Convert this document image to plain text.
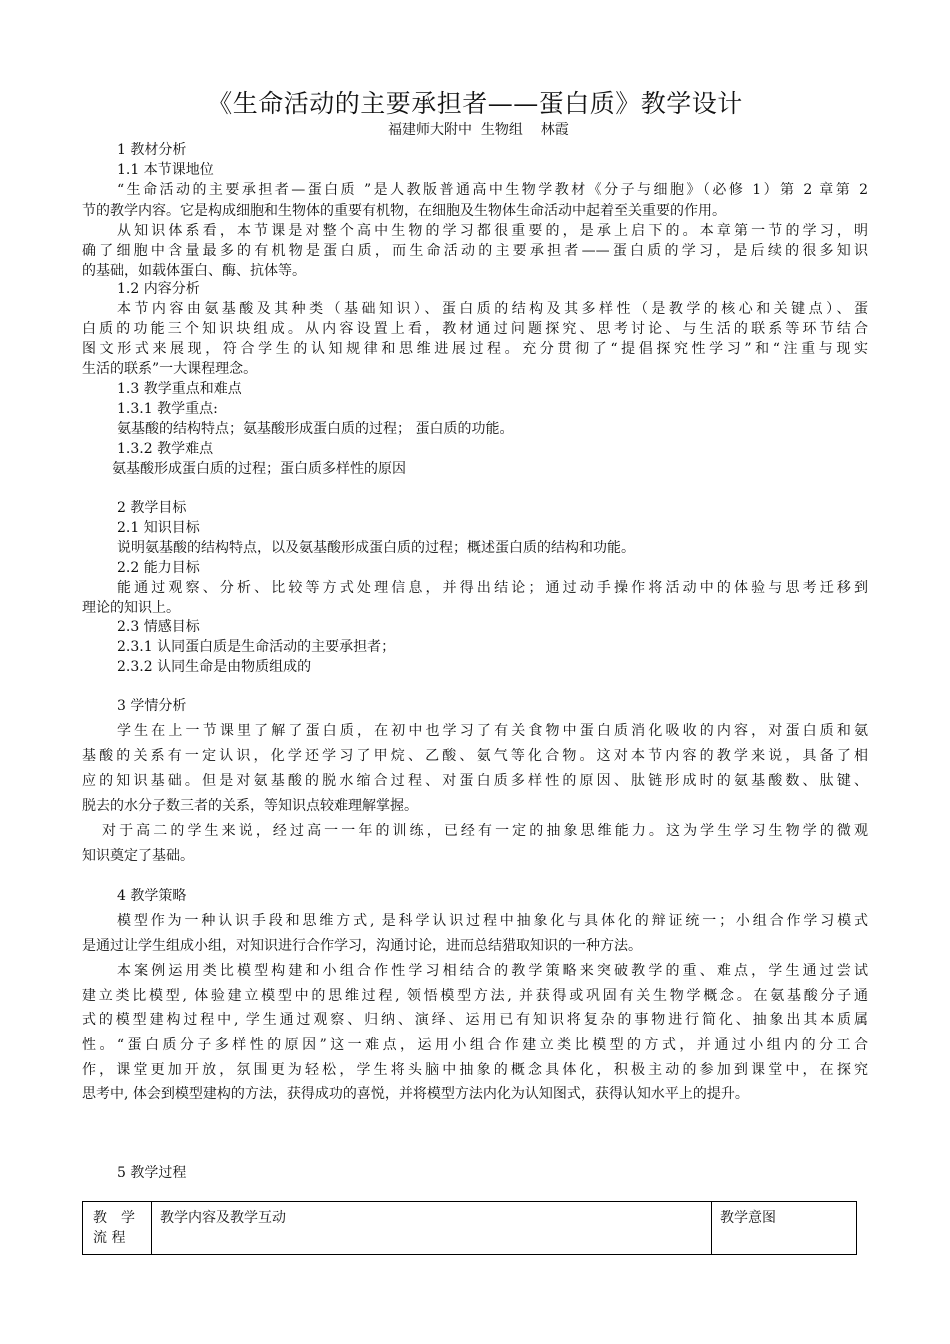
《生命活动的主要承担者——蛋白质》教学设计
福建师大附中  生物组    林霞
1 教材分析
1.1 本节课地位
“生命活动的主要承担者—蛋白质 ”是人教版普通高中生物学教材《分子与细胞》（必修 1）第 2 章第 2
节的教学内容。它是构成细胞和生物体的重要有机物，在细胞及生物体生命活动中起着至关重要的作用。
从知识体系看，本节课是对整个高中生物的学习都很重要的，是承上启下的。本章第一节的学习，明
确了细胞中含量最多的有机物是蛋白质，而生命活动的主要承担者——蛋白质的学习，是后续的很多知识
的基础，如载体蛋白、酶、抗体等。
1.2 内容分析
本节内容由氨基酸及其种类（基础知识）、蛋白质的结构及其多样性（是教学的核心和关键点）、蛋
白质的功能三个知识块组成。从内容设置上看，教材通过问题探究、思考讨论、与生活的联系等环节结合
图文形式来展现，符合学生的认知规律和思维进展过程。充分贯彻了“提倡探究性学习”和“注重与现实
生活的联系”一大课程理念。
1.3 教学重点和难点
1.3.1 教学重点:
氨基酸的结构特点；氨基酸形成蛋白质的过程； 蛋白质的功能。
1.3.2 教学难点
氨基酸形成蛋白质的过程；蛋白质多样性的原因
2 教学目标
2.1 知识目标
说明氨基酸的结构特点，以及氨基酸形成蛋白质的过程；概述蛋白质的结构和功能。
2.2 能力目标
能通过观察、分析、比较等方式处理信息，并得出结论；通过动手操作将活动中的体验与思考迁移到
理论的知识上。
2.3 情感目标
2.3.1 认同蛋白质是生命活动的主要承担者；
2.3.2 认同生命是由物质组成的
3 学情分析
学生在上一节课里了解了蛋白质，在初中也学习了有关食物中蛋白质消化吸收的内容，对蛋白质和氨
基酸的关系有一定认识，化学还学习了甲烷、乙酸、氨气等化合物。这对本节内容的教学来说，具备了相
应的知识基础。但是对氨基酸的脱水缩合过程、对蛋白质多样性的原因、肽链形成时的氨基酸数、肽键、
脱去的水分子数三者的关系，等知识点较难理解掌握。
对于高二的学生来说，经过高一一年的训练，已经有一定的抽象思维能力。这为学生学习生物学的微观
知识奠定了基础。
4 教学策略
模型作为一种认识手段和思维方式, 是科学认识过程中抽象化与具体化的辩证统一；小组合作学习模式
是通过让学生组成小组，对知识进行合作学习，沟通讨论，进而总结猎取知识的一种方法。
本案例运用类比模型构建和小组合作性学习相结合的教学策略来突破教学的重、难点，学生通过尝试
建立类比模型, 体验建立模型中的思维过程, 领悟模型方法, 并获得或巩固有关生物学概念。在氨基酸分子通
式的模型建构过程中, 学生通过观察、归纳、演绎、运用已有知识将复杂的事物进行简化、抽象出其本质属
性。“蛋白质分子多样性的原因”这一难点，运用小组合作建立类比模型的方式，并通过小组内的分工合
作，课堂更加开放，氛围更为轻松，学生将头脑中抽象的概念具体化，积极主动的参加到课堂中，在探究
思考中, 体会到模型建构的方法，获得成功的喜悦，并将模型方法内化为认知图式，获得认知水平上的提升。
5 教学过程
教　学流 程	教学内容及教学互动	教学意图
